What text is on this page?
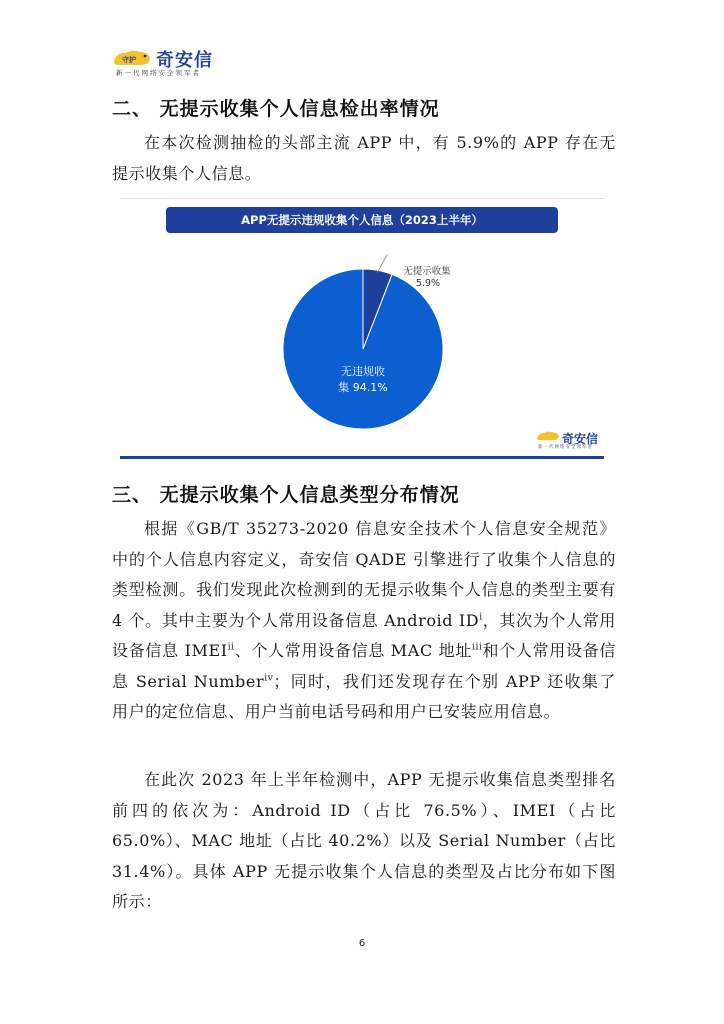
守护 奇安信
新一代网络安全领军者
二、 无提示收集个人信息检出率情况

在本次检测抽检的头部主流 APP 中，有 5.9%的 APP 存在无提示收集个人信息。

APP无提示违规收集个人信息（2023上半年）
无提示收集
5.9%
无违规收
集 94.1%
奇安信
新一代网络安全领军者
三、 无提示收集个人信息类型分布情况

根据《GB/T 35273-2020 信息安全技术个人信息安全规范》中的个人信息内容定义，奇安信 QADE 引擎进行了收集个人信息的类型检测。我们发现此次检测到的无提示收集个人信息的类型主要有 4 个。其中主要为个人常用设备信息 Android $ID^i$，其次为个人常用设备信息 IMEI$^{ii}$、个人常用设备信息 MAC 地址$^{iii}$和个人常用设备信息 Serial Number$^{iv}$；同时，我们还发现存在个别 APP 还收集了用户的定位信息、用户当前电话号码和用户已安装应用信息。

在此次 2023 年上半年检测中，APP 无提示收集信息类型排名前四的依次为：Android ID（占比 76.5%）、IMEI（占比 65.0%）、MAC 地址（占比 40.2%）以及 Serial Number（占比 31.4%）。具体 APP 无提示收集个人信息的类型及占比分布如下图所示：

6
